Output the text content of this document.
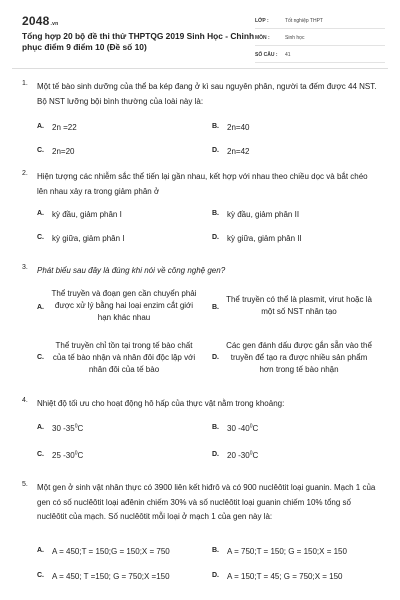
2048.vn
Tổng hợp 20 bộ đề thi thử THPTQG 2019 Sinh Học - Chinh phục điểm 9 điểm 10 (Đề số 10)
LỚP :	Tốt nghiệp THPT
MÔN :	Sinh học
SỐ CÂU : 41
1. Một tế bào sinh dưỡng của thể ba kép đang ở kì sau nguyên phân, người ta đếm được 44 NST. Bộ NST lưỡng bội bình thường của loài này là:
A. 2n =22	B. 2n=40
C. 2n=20	D. 2n=42
2. Hiện tượng các nhiễm sắc thể tiến lại gần nhau, kết hợp với nhau theo chiều dọc và bắt chéo lên nhau xảy ra trong giảm phân ở
A. kỳ đầu, giảm phân I	B. kỳ đầu, giảm phân II
C. kỳ giữa, giảm phân I	D. kỳ giữa, giảm phân II
3. Phát biểu sau đây là đúng khi nói về công nghệ gen?
A.
Thể truyền và đoạn gen cần chuyển phải được xử lý bằng hai loại enzim cắt giới hạn khác nhau
B.
Thể truyền có thể là plasmit, virut hoặc là một số NST nhân tạo
C.
Thể truyền chỉ tồn tại trong tế bào chất của tế bào nhận và nhân đôi độc lập với nhân đôi của tế bào
D.
Các gen đánh dấu được gắn sẵn vào thể truyền để tạo ra được nhiều sản phẩm hơn trong tế bào nhận
4. Nhiệt độ tối ưu cho hoạt động hô hấp của thực vật nằm trong khoảng:
A. 30 $-35^0C$	B. 30 $-40^0C$
C. 25 $-30^0C$	D. 20 $-30^0C$
5. Một gen ở sinh vật nhân thực có 3900 liên kết hiđrô và có 900 nuclêôtit loại guanin. Mạch 1 của gen có số nuclêôtit loại ađênin chiếm 30% và số nuclêôtit loại guanin chiếm 10% tổng số nuclêôtit của mạch. Số nuclêôtit mỗi loại ở mạch 1 của gen này là:
A. A = 450;T = 150;G = 150;X = 750	B. A = 750;T = 150; G = 150;X = 150
C. A = 450; T =150; G = 750;X =150	D. A = 150;T = 45; G = 750;X = 150
